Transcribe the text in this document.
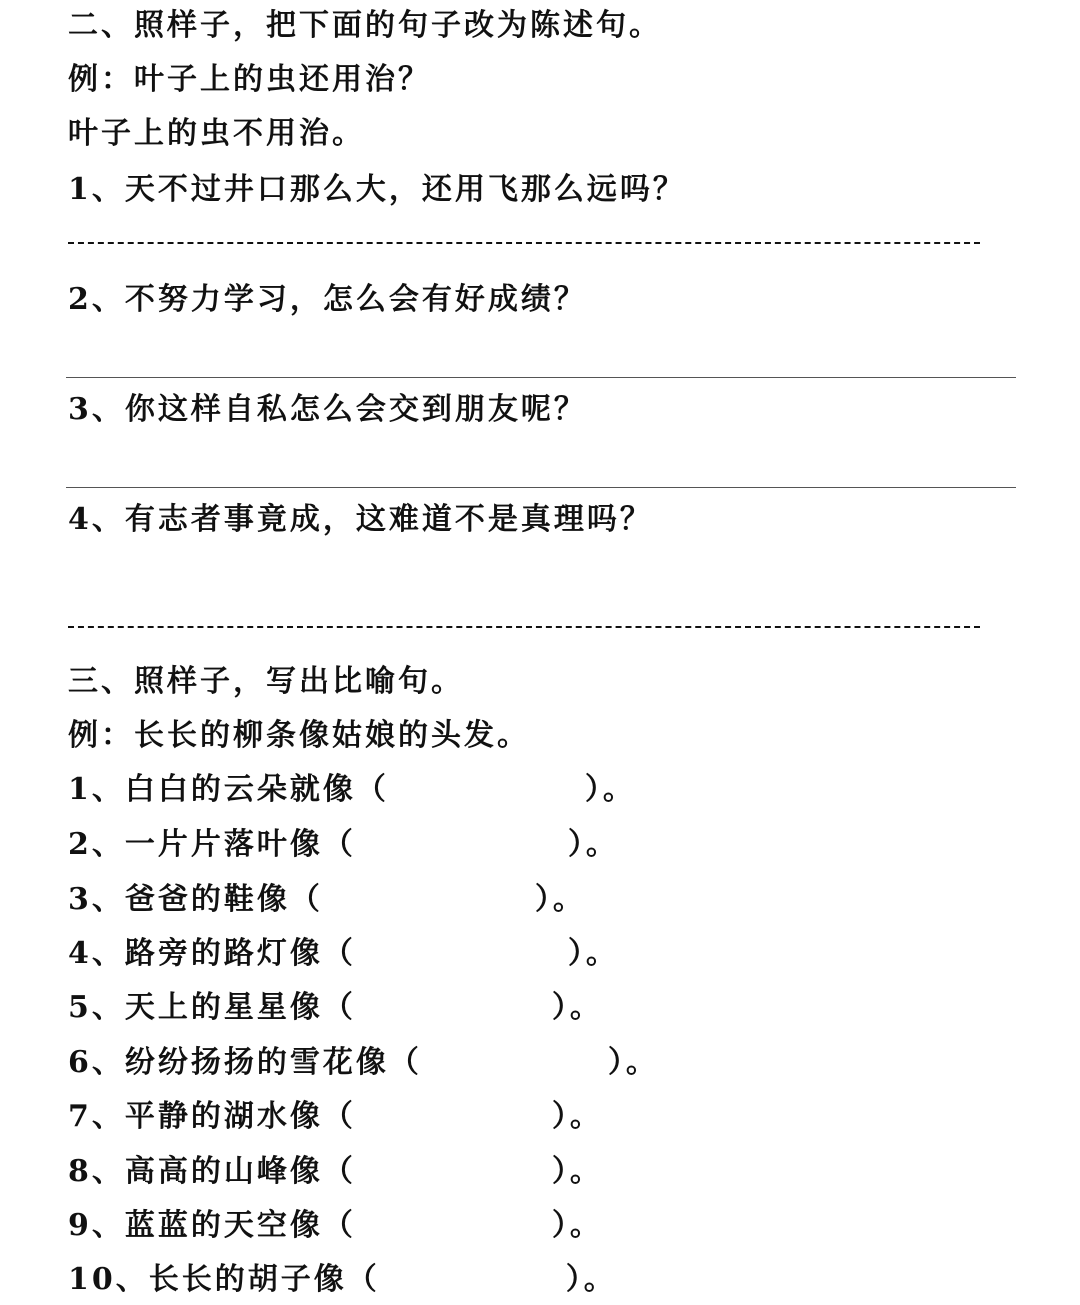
二、照样子，把下面的句子改为陈述句。
例：叶子上的虫还用治？
叶子上的虫不用治。
1、天不过井口那么大，还用飞那么远吗？
2、不努力学习，怎么会有好成绩？
3、你这样自私怎么会交到朋友呢？
4、有志者事竟成，这难道不是真理吗？
三、照样子，写出比喻句。
例：长长的柳条像姑娘的头发。
1、白白的云朵就像（	）。
2、一片片落叶像（	）。
3、爸爸的鞋像（	）。
4、路旁的路灯像（	）。
5、天上的星星像（	）。
6、纷纷扬扬的雪花像（	）。
7、平静的湖水像（	）。
8、高高的山峰像（	）。
9、蓝蓝的天空像（	）。
10、长长的胡子像（	）。
